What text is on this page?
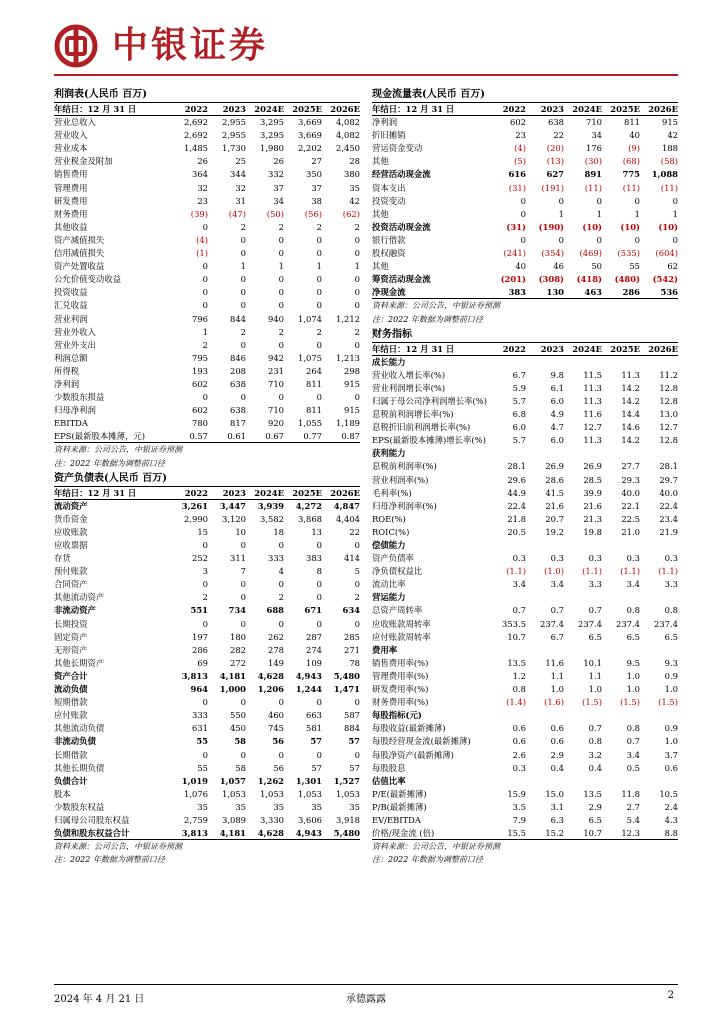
中银证券
利润表(人民币 百万)
年结日：12 月 31 日	2022	2023 2024E 2025E 2026E
营业总收入	2,692	2,955	3,295	3,669	4,082
营业收入	2,692	2,955	3,295	3,669	4,082
营业成本	1,485	1,730	1,980	2,202	2,450
营业税金及附加	26	25	26	27	28
销售费用	364	344	332	350	380
管理费用	32	32	37	37	35
研发费用	23	31	34	38	42
财务费用	(39)	(47)	(50)	(56)	(62)
其他收益	0	2	2	2	2
资产减值损失	(4)	0	0	0	0
信用减值损失	(1)	0	0	0	0
资产处置收益	0	1	1	1	1
公允价值变动收益	0	0	0	0	0
投资收益	0	0	0	0	0
汇兑收益	0	0	0	0	0
营业利润	796	844	940	1,074	1,212
营业外收入	1	2	2	2	2
营业外支出	2	0	0	0	0
利润总额	795	846	942	1,075	1,213
所得税	193	208	231	264	298
净利润	602	638	710	811	915
少数股东损益	0	0	0	0	0
归母净利润	602	638	710	811	915
EBITDA	780	817	920	1,055	1,189
EPS(最新股本摊薄，元)	0.57	0.61	0.67	0.77	0.87
资料来源：公司公告，中银证券预测
注：2022 年数据为调整前口径
资产负债表(人民币 百万)
年结日：12 月 31 日	2022	2023 2024E 2025E 2026E
流动资产	3,261	3,447	3,939	4,272	4,847
货币资金	2,990	3,120	3,582	3,868	4,404
应收账款	15	10	18	13	22
应收票据	0	0	0	0	0
存货	252	311	333	383	414
预付账款	3	7	4	8	5
合同资产	0	0	0	0	0
其他流动资产	2	0	2	0	2
非流动资产	551	734	688	671	634
长期投资	0	0	0	0	0
固定资产	197	180	262	287	285
无形资产	286	282	278	274	271
其他长期资产	69	272	149	109	78
资产合计	3,813	4,181	4,628	4,943	5,480
流动负债	964	1,000	1,206	1,244	1,471
短期借款	0	0	0	0	0
应付账款	333	550	460	663	587
其他流动负债	631	450	745	581	884
非流动负债	55	58	56	57	57
长期借款	0	0	0	0	0
其他长期负债	55	58	56	57	57
负债合计	1,019	1,057	1,262	1,301	1,527
股本	1,076	1,053	1,053	1,053	1,053
少数股东权益	35	35	35	35	35
归属母公司股东权益	2,759	3,089	3,330	3,606	3,918
负债和股东权益合计	3,813	4,181	4,628	4,943	5,480
资料来源：公司公告，中银证券预测
注：2022 年数据为调整前口径
现金流量表(人民币 百万)
年结日：12 月 31 日	2022	2023 2024E 2025E 2026E
净利润	602	638	710	811	915
折旧摊销	23	22	34	40	42
营运资金变动	(4)	(20)	176	(9)	188
其他	(5)	(13)	(30)	(68)	(58)
经营活动现金流	616	627	891	775	1,088
资本支出	(31)	(191)	(11)	(11)	(11)
投资变动	0	0	0	0	0
其他	0	1	1	1	1
投资活动现金流	(31)	(190)	(10)	(10)	(10)
银行借款	0	0	0	0	0
股权融资	(241)	(354)	(469)	(535)	(604)
其他	40	46	50	55	62
筹资活动现金流	(201)	(308)	(418)	(480)	(542)
净现金流	383	130	463	286	536
资料来源：公司公告，中银证券预测
注：2022 年数据为调整前口径
财务指标
年结日：12 月 31 日	2022	2023 2024E 2025E 2026E
成长能力
营业收入增长率(%)	6.7	9.8	11.5	11.3	11.2
营业利润增长率(%)	5.9	6.1	11.3	14.2	12.8
归属于母公司净利润增长率(%)	5.7	6.0	11.3	14.2	12.8
息税前利润增长率(%)	6.8	4.9	11.6	14.4	13.0
息税折旧前利润增长率(%)	6.0	4.7	12.7	14.6	12.7
EPS(最新股本摊薄)增长率(%)	5.7	6.0	11.3	14.2	12.8
获利能力
息税前利润率(%)	28.1	26.9	26.9	27.7	28.1
营业利润率(%)	29.6	28.6	28.5	29.3	29.7
毛利率(%)	44.9	41.5	39.9	40.0	40.0
归母净利润率(%)	22.4	21.6	21.6	22.1	22.4
ROE(%)	21.8	20.7	21.3	22.5	23.4
ROIC(%)	20.5	19.2	19.8	21.0	21.9
偿债能力
资产负债率	0.3	0.3	0.3	0.3	0.3
净负债权益比	(1.1)	(1.0)	(1.1)	(1.1)	(1.1)
流动比率	3.4	3.4	3.3	3.4	3.3
营运能力
总资产周转率	0.7	0.7	0.7	0.8	0.8
应收账款周转率	353.5	237.4	237.4	237.4	237.4
应付账款周转率	10.7	6.7	6.5	6.5	6.5
费用率
销售费用率(%)	13.5	11.6	10.1	9.5	9.3
管理费用率(%)	1.2	1.1	1.1	1.0	0.9
研发费用率(%)	0.8	1.0	1.0	1.0	1.0
财务费用率(%)	(1.4)	(1.6)	(1.5)	(1.5)	(1.5)
每股指标(元)
每股收益(最新摊薄)	0.6	0.6	0.7	0.8	0.9
每股经营现金流(最新摊薄)	0.6	0.6	0.8	0.7	1.0
每股净资产(最新摊薄)	2.6	2.9	3.2	3.4	3.7
每股股息	0.3	0.4	0.4	0.5	0.6
估值比率
P/E(最新摊薄)	15.9	15.0	13.5	11.8	10.5
P/B(最新摊薄)	3.5	3.1	2.9	2.7	2.4
EV/EBITDA	7.9	6.3	6.5	5.4	4.3
价格/现金流 (倍)	15.5	15.2	10.7	12.3	8.8
资料来源：公司公告，中银证券预测
注：2022 年数据为调整前口径
2024 年 4 月 21 日	承德露露	2
